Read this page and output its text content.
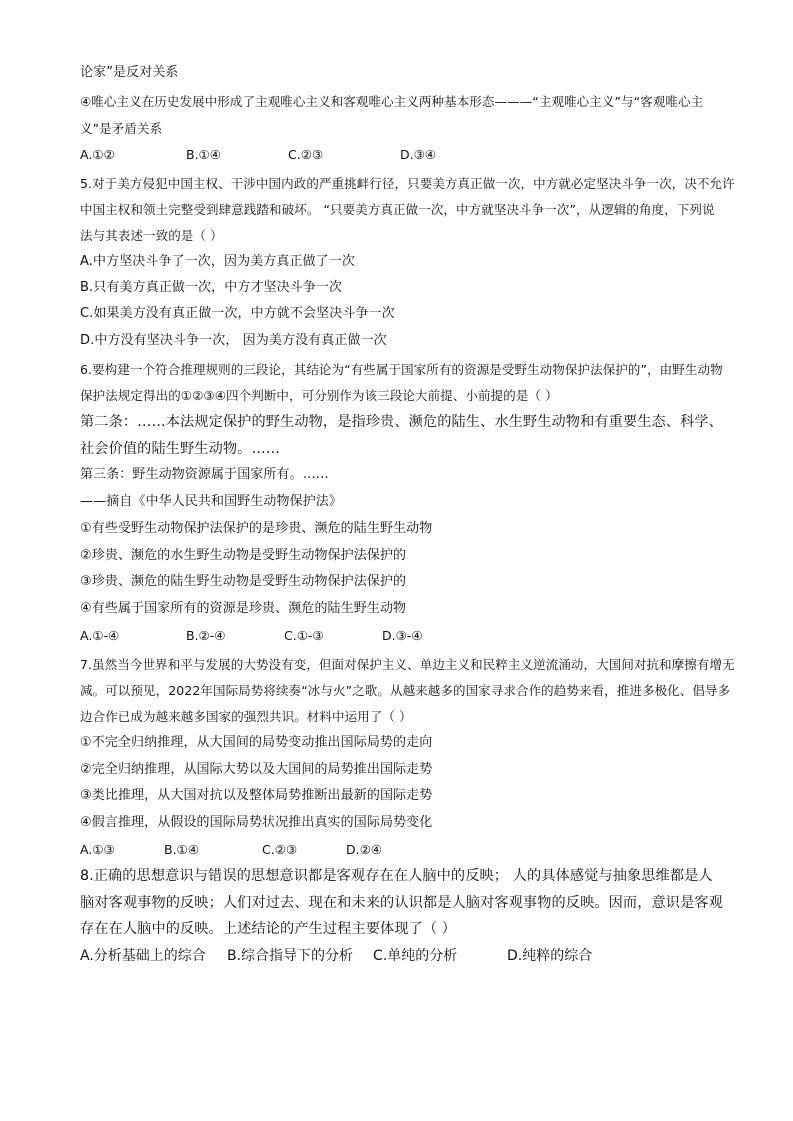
论家”是反对关系
④唯心主义在历史发展中形成了主观唯心主义和客观唯心主义两种基本形态———“主观唯心主义”与“客观唯心主
义”是矛盾关系
A.①②	B.①④	C.②③	D.③④
5.对于美方侵犯中国主权、干涉中国内政的严重挑衅行径，只要美方真正做一次，中方就必定坚决斗争一次，决不允许
中国主权和领土完整受到肆意践踏和破坏。 “只要美方真正做一次，中方就坚决斗争一次”，从逻辑的角度，下列说
法与其表述一致的是（ ）
A.中方坚决斗争了一次，因为美方真正做了一次
B.只有美方真正做一次，中方才坚决斗争一次
C.如果美方没有真正做一次，中方就不会坚决斗争一次
D.中方没有坚决斗争一次， 因为美方没有真正做一次
6.要构建一个符合推理规则的三段论，其结论为“有些属于国家所有的资源是受野生动物保护法保护的”，由野生动物
保护法规定得出的①②③④四个判断中，可分别作为该三段论大前提、小前提的是（ ）
第二条：……本法规定保护的野生动物，是指珍贵、濒危的陆生、水生野生动物和有重要生态、科学、
社会价值的陆生野生动物。……
第三条：野生动物资源属于国家所有。……
——摘自《中华人民共和国野生动物保护法》
①有些受野生动物保护法保护的是珍贵、濒危的陆生野生动物
②珍贵、濒危的水生野生动物是受野生动物保护法保护的
③珍贵、濒危的陆生野生动物是受野生动物保护法保护的
④有些属于国家所有的资源是珍贵、濒危的陆生野生动物
A.①-④	B.②-④	C.①-③	D.③-④
7.虽然当今世界和平与发展的大势没有变，但面对保护主义、单边主义和民粹主义逆流涌动，大国间对抗和摩擦有增无
减。可以预见，2022年国际局势将续奏“冰与火”之歌。从越来越多的国家寻求合作的趋势来看，推进多极化、倡导多
边合作已成为越来越多国家的强烈共识。材料中运用了（ ）
①不完全归纳推理，从大国间的局势变动推出国际局势的走向
②完全归纳推理，从国际大势以及大国间的局势推出国际走势
③类比推理，从大国对抗以及整体局势推断出最新的国际走势
④假言推理，从假设的国际局势状况推出真实的国际局势变化
A.①③	B.①④	C.②③	D.②④
8.正确的思想意识与错误的思想意识都是客观存在在人脑中的反映； 人的具体感觉与抽象思维都是人
脑对客观事物的反映；人们对过去、现在和未来的认识都是人脑对客观事物的反映。因而，意识是客观
存在在人脑中的反映。上述结论的产生过程主要体现了（ ）
A.分析基础上的综合 B.综合指导下的分析 C.单纯的分析	D.纯粹的综合
